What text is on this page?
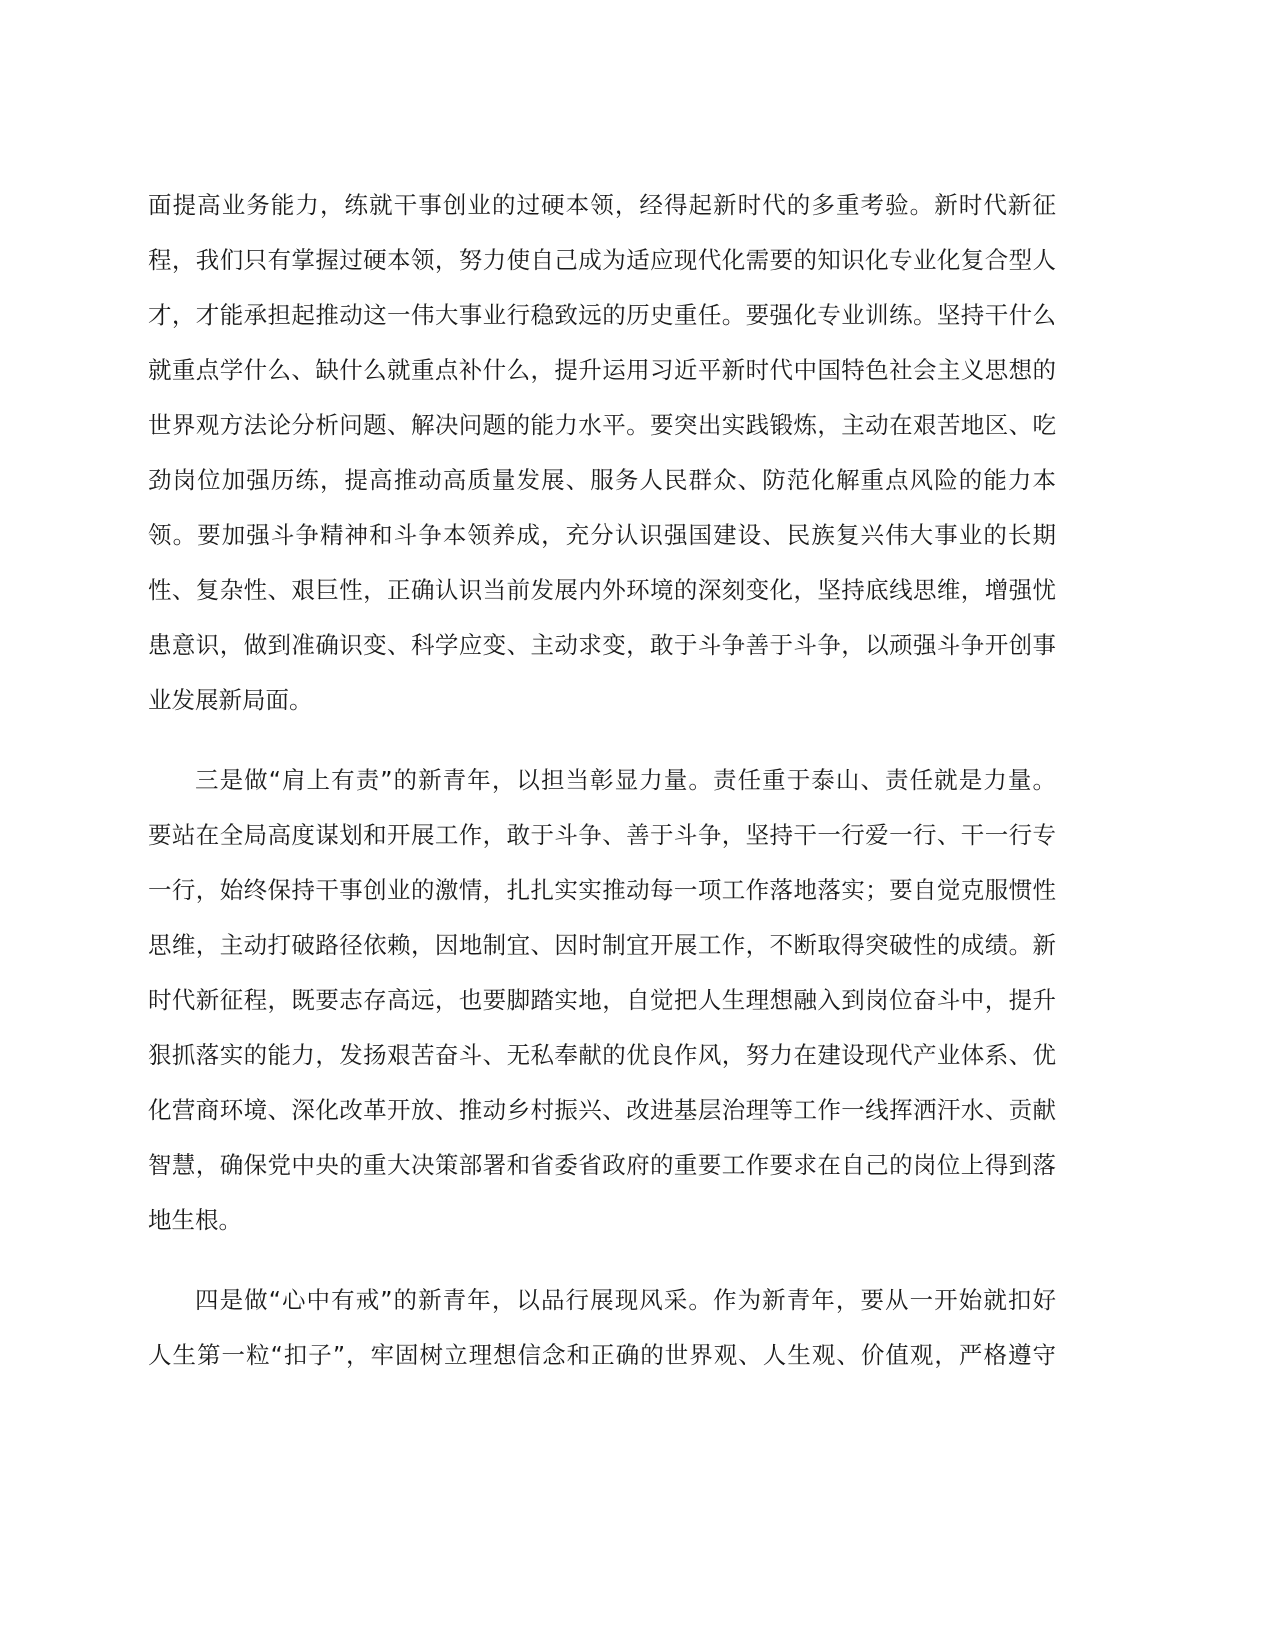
面提高业务能力，练就干事创业的过硬本领，经得起新时代的多重考验。新时代新征
程，我们只有掌握过硬本领，努力使自己成为适应现代化需要的知识化专业化复合型人
才，才能承担起推动这一伟大事业行稳致远的历史重任。要强化专业训练。坚持干什么
就重点学什么、缺什么就重点补什么，提升运用习近平新时代中国特色社会主义思想的
世界观方法论分析问题、解决问题的能力水平。要突出实践锻炼，主动在艰苦地区、吃
劲岗位加强历练，提高推动高质量发展、服务人民群众、防范化解重点风险的能力本
领。要加强斗争精神和斗争本领养成，充分认识强国建设、民族复兴伟大事业的长期
性、复杂性、艰巨性，正确认识当前发展内外环境的深刻变化，坚持底线思维，增强忧
患意识，做到准确识变、科学应变、主动求变，敢于斗争善于斗争，以顽强斗争开创事
业发展新局面。
三是做“肩上有责”的新青年，以担当彰显力量。责任重于泰山、责任就是力量。
要站在全局高度谋划和开展工作，敢于斗争、善于斗争，坚持干一行爱一行、干一行专
一行，始终保持干事创业的激情，扎扎实实推动每一项工作落地落实；要自觉克服惯性
思维，主动打破路径依赖，因地制宜、因时制宜开展工作，不断取得突破性的成绩。新
时代新征程，既要志存高远，也要脚踏实地，自觉把人生理想融入到岗位奋斗中，提升
狠抓落实的能力，发扬艰苦奋斗、无私奉献的优良作风，努力在建设现代产业体系、优
化营商环境、深化改革开放、推动乡村振兴、改进基层治理等工作一线挥洒汗水、贡献
智慧，确保党中央的重大决策部署和省委省政府的重要工作要求在自己的岗位上得到落
地生根。
四是做“心中有戒”的新青年，以品行展现风采。作为新青年，要从一开始就扣好
人生第一粒“扣子”，牢固树立理想信念和正确的世界观、人生观、价值观，严格遵守
